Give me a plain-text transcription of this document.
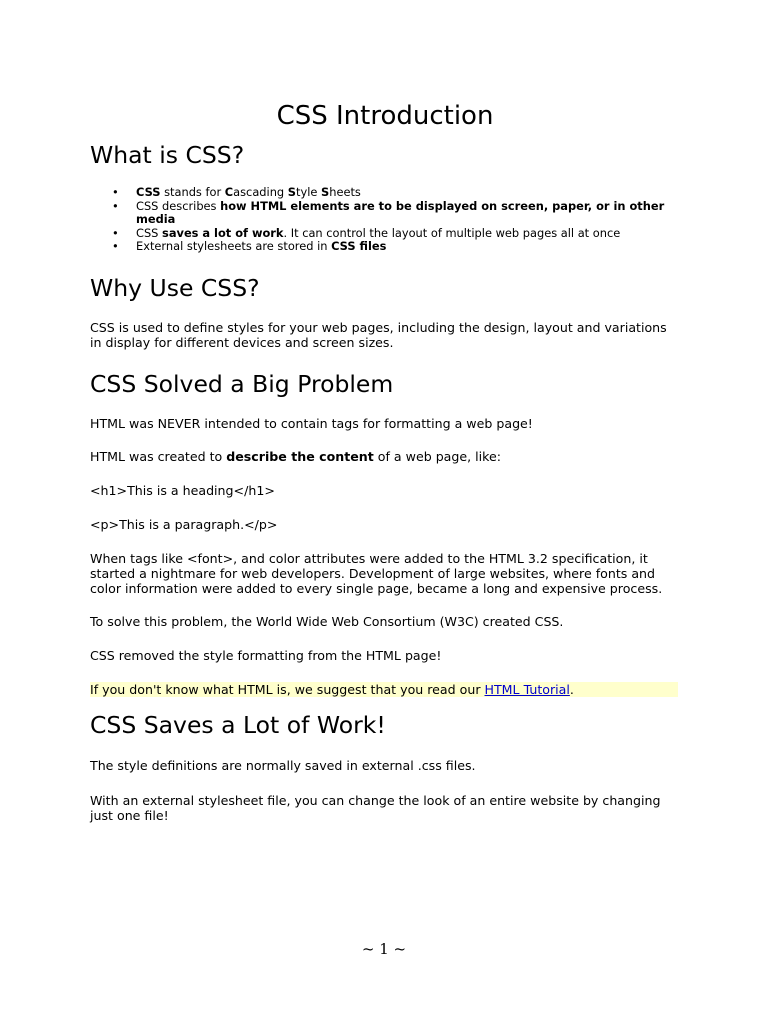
CSS Introduction
What is CSS?
• CSS stands for Cascading Style Sheets
• CSS describes how HTML elements are to be displayed on screen, paper, or in other media
• CSS saves a lot of work. It can control the layout of multiple web pages all at once
• External stylesheets are stored in CSS files
Why Use CSS?

CSS is used to define styles for your web pages, including the design, layout and variations in display for different devices and screen sizes.

CSS Solved a Big Problem

HTML was NEVER intended to contain tags for formatting a web page!

HTML was created to describe the content of a web page, like:

<h1>This is a heading</h1>

<p>This is a paragraph.</p>

When tags like <font>, and color attributes were added to the HTML 3.2 specification, it started a nightmare for web developers. Development of large websites, where fonts and color information were added to every single page, became a long and expensive process.

To solve this problem, the World Wide Web Consortium (W3C) created CSS.

CSS removed the style formatting from the HTML page!

If you don't know what HTML is, we suggest that you read our HTML Tutorial.

CSS Saves a Lot of Work!

The style definitions are normally saved in external .css files.

With an external stylesheet file, you can change the look of an entire website by changing just one file!

~ 1 ~
